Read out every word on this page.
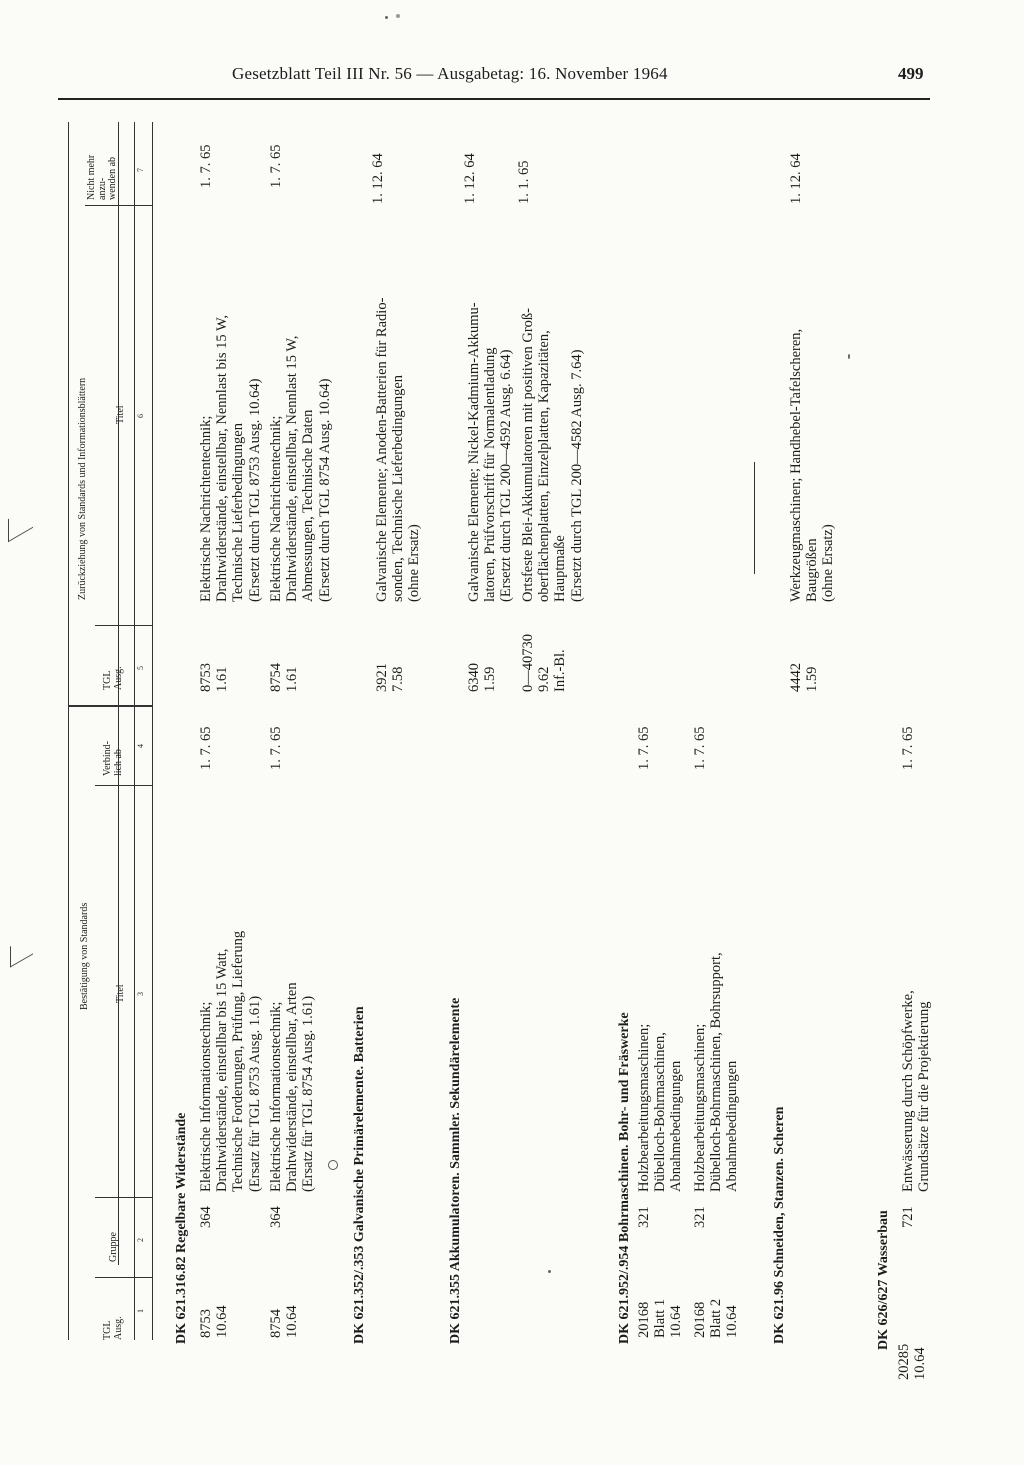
Gesetzblatt Teil III Nr. 56 — Ausgabetag: 16. November 1964	499
Bestätigung von Standards
Zurückziehung von Standards und Informationsblättern
TGL
Ausg.
Gruppe
Titel
Verbind-
lich ab
TGL
Ausg.
Titel
Nicht mehr
anzu-
wenden ab
1
2
3
4
5
6
7
DK 621.316.82 Regelbare Widerstände 8753
10.64
364
Elektrische Informationstechnik;
Drahtwiderstände, einstellbar bis 15 Watt,
Technische Forderungen, Prüfung, Lieferung
(Ersatz für TGL 8753 Ausg. 1.61)
1. 7. 65
8753
1.61
Elektrische Nachrichtentechnik;
Drahtwiderstände, einstellbar, Nennlast bis 15 W,
Technische Lieferbedingungen
(Ersetzt durch TGL 8753 Ausg. 10.64)
1. 7. 65
8754
10.64
364
Elektrische Informationstechnik;
Drahtwiderstände, einstellbar, Arten
(Ersatz für TGL 8754 Ausg. 1.61)
1. 7. 65
8754
1.61
Elektrische Nachrichtentechnik;
Drahtwiderstände, einstellbar, Nennlast 15 W,
Abmessungen, Technische Daten
(Ersetzt durch TGL 8754 Ausg. 10.64)
1. 7. 65
DK 621.352/.353 Galvanische Primärelemente. Batterien
3921
7.58
Galvanische Elemente; Anoden-Batterien für Radio-
sonden, Technische Lieferbedingungen
(ohne Ersatz)
1. 12. 64
DK 621.355 Akkumulatoren. Sammler. Sekundärelemente
6340
1.59
Galvanische Elemente; Nickel-Kadmium-Akkumu-
latoren, Prüfvorschrift für Normalentladung
(Ersetzt durch TGL 200—4592 Ausg. 6.64)
1. 12. 64
0—40730
9.62
Inf.-Bl.
Ortsfeste Blei-Akkumulatoren mit positiven Groß-
oberflächenplatten, Einzelplatten, Kapazitäten,
Hauptmaße
(Ersetzt durch TGL 200—4582 Ausg. 7.64)
1. 1. 65
DK 621.952/.954 Bohrmaschinen. Bohr- und Fräswerke 20168
Blatt 1
10.64
321
Holzbearbeitungsmaschinen;
Dübelloch-Bohrmaschinen,
Abnahmebedingungen
1. 7. 65
20168
Blatt 2
10.64
321
Holzbearbeitungsmaschinen;
Dübelloch-Bohrmaschinen, Bohrsupport,
Abnahmebedingungen
1. 7. 65
DK 621.96 Schneiden, Stanzen. Scheren
4442
1.59
Werkzeugmaschinen; Handhebel-Tafelscheren,
Baugrößen
(ohne Ersatz)
1. 12. 64
DK 626/627 Wasserbau
20285
10.64
721
Entwässerung durch Schöpfwerke,
Grundsätze für die Projektierung
1. 7. 65
